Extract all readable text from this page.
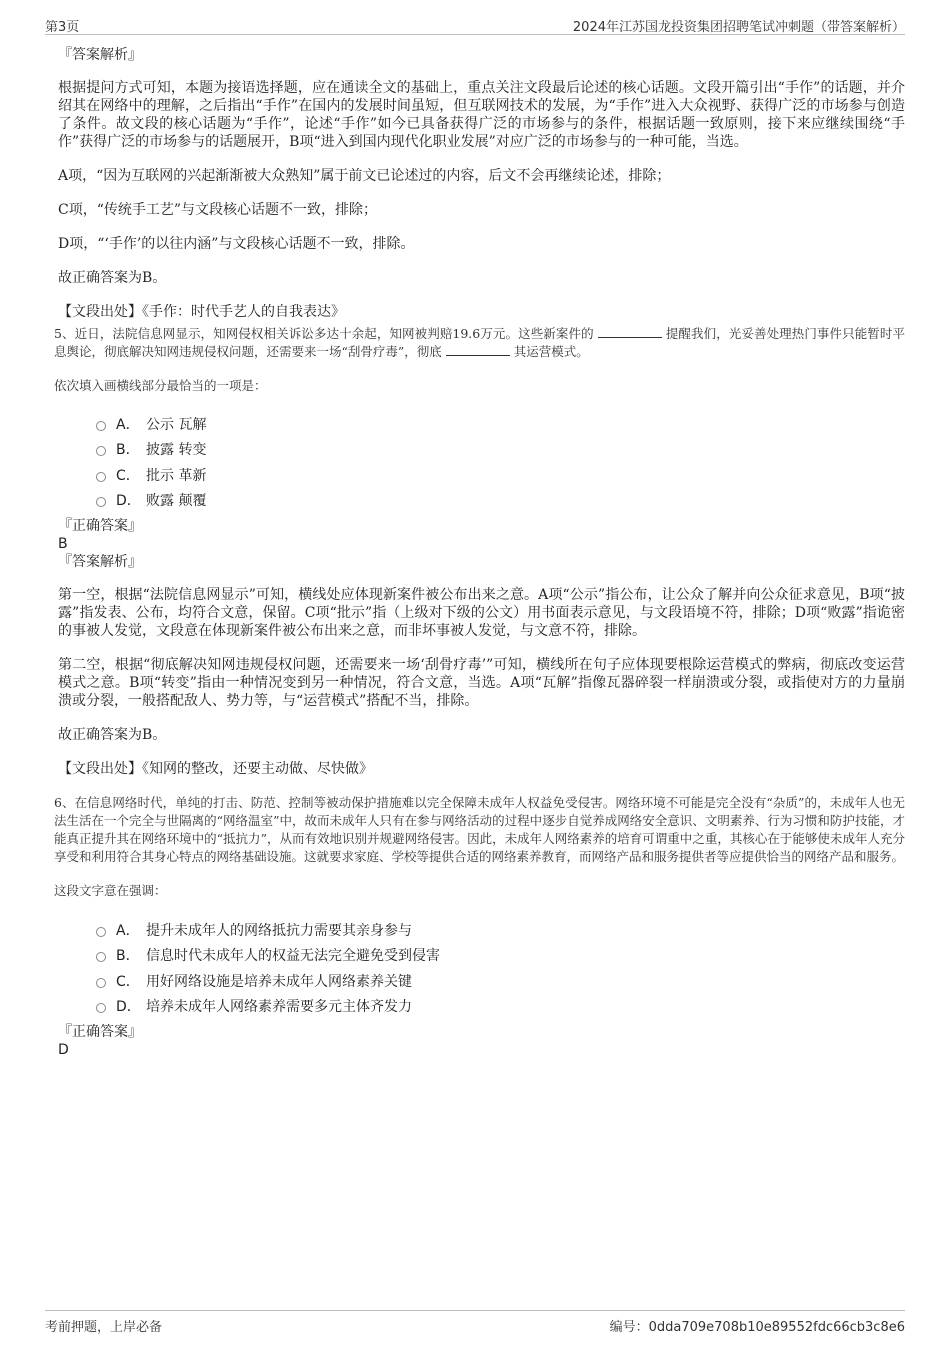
第3页	2024年江苏国龙投资集团招聘笔试冲刺题（带答案解析）
『答案解析』
根据提问方式可知，本题为接语选择题，应在通读全文的基础上，重点关注文段最后论述的核心话题。文段开篇引出“手作”的话题，并介绍其在网络中的理解，之后指出“手作”在国内的发展时间虽短，但互联网技术的发展，为“手作”进入大众视野、获得广泛的市场参与创造了条件。故文段的核心话题为“手作”，论述“手作”如今已具备获得广泛的市场参与的条件，根据话题一致原则，接下来应继续围绕“手作”获得广泛的市场参与的话题展开，B项“进入到国内现代化职业发展”对应广泛的市场参与的一种可能，当选。
A项，“因为互联网的兴起渐渐被大众熟知”属于前文已论述过的内容，后文不会再继续论述，排除；
C项，“传统手工艺”与文段核心话题不一致，排除；
D项，“‘手作’的以往内涵”与文段核心话题不一致，排除。
故正确答案为B。
【文段出处】《手作：时代手艺人的自我表达》
5、近日，法院信息网显示，知网侵权相关诉讼多达十余起，知网被判赔19.6万元。这些新案件的	提醒我们，光妥善处理热门事件只能暂时平息舆论，彻底解决知网违规侵权问题，还需要来一场“刮骨疗毒”，彻底	其运营模式。
依次填入画横线部分最恰当的一项是：
A． 公示 瓦解
B． 披露 转变
C． 批示 革新
D． 败露 颠覆
『正确答案』
B
『答案解析』
第一空，根据“法院信息网显示”可知，横线处应体现新案件被公布出来之意。A项“公示”指公布，让公众了解并向公众征求意见，B项“披露”指发表、公布，均符合文意，保留。C项“批示”指（上级对下级的公文）用书面表示意见，与文段语境不符，排除；D项“败露”指诡密的事被人发觉，文段意在体现新案件被公布出来之意，而非坏事被人发觉，与文意不符，排除。
第二空，根据“彻底解决知网违规侵权问题，还需要来一场‘刮骨疗毒’”可知，横线所在句子应体现要根除运营模式的弊病，彻底改变运营模式之意。B项“转变”指由一种情况变到另一种情况，符合文意，当选。A项“瓦解”指像瓦器碎裂一样崩溃或分裂，或指使对方的力量崩溃或分裂，一般搭配敌人、势力等，与“运营模式”搭配不当，排除。
故正确答案为B。
【文段出处】《知网的整改，还要主动做、尽快做》
6、在信息网络时代，单纯的打击、防范、控制等被动保护措施难以完全保障未成年人权益免受侵害。网络环境不可能是完全没有“杂质”的，未成年人也无法生活在一个完全与世隔离的“网络温室”中，故而未成年人只有在参与网络活动的过程中逐步自觉养成网络安全意识、文明素养、行为习惯和防护技能，才能真正提升其在网络环境中的“抵抗力”，从而有效地识别并规避网络侵害。因此，未成年人网络素养的培育可谓重中之重，其核心在于能够使未成年人充分享受和利用符合其身心特点的网络基础设施。这就要求家庭、学校等提供合适的网络素养教育，而网络产品和服务提供者等应提供恰当的网络产品和服务。
这段文字意在强调：
A． 提升未成年人的网络抵抗力需要其亲身参与
B． 信息时代未成年人的权益无法完全避免受到侵害
C． 用好网络设施是培养未成年人网络素养关键
D． 培养未成年人网络素养需要多元主体齐发力
『正确答案』
D
考前押题，上岸必备	编号：0dda709e708b10e89552fdc66cb3c8e6
